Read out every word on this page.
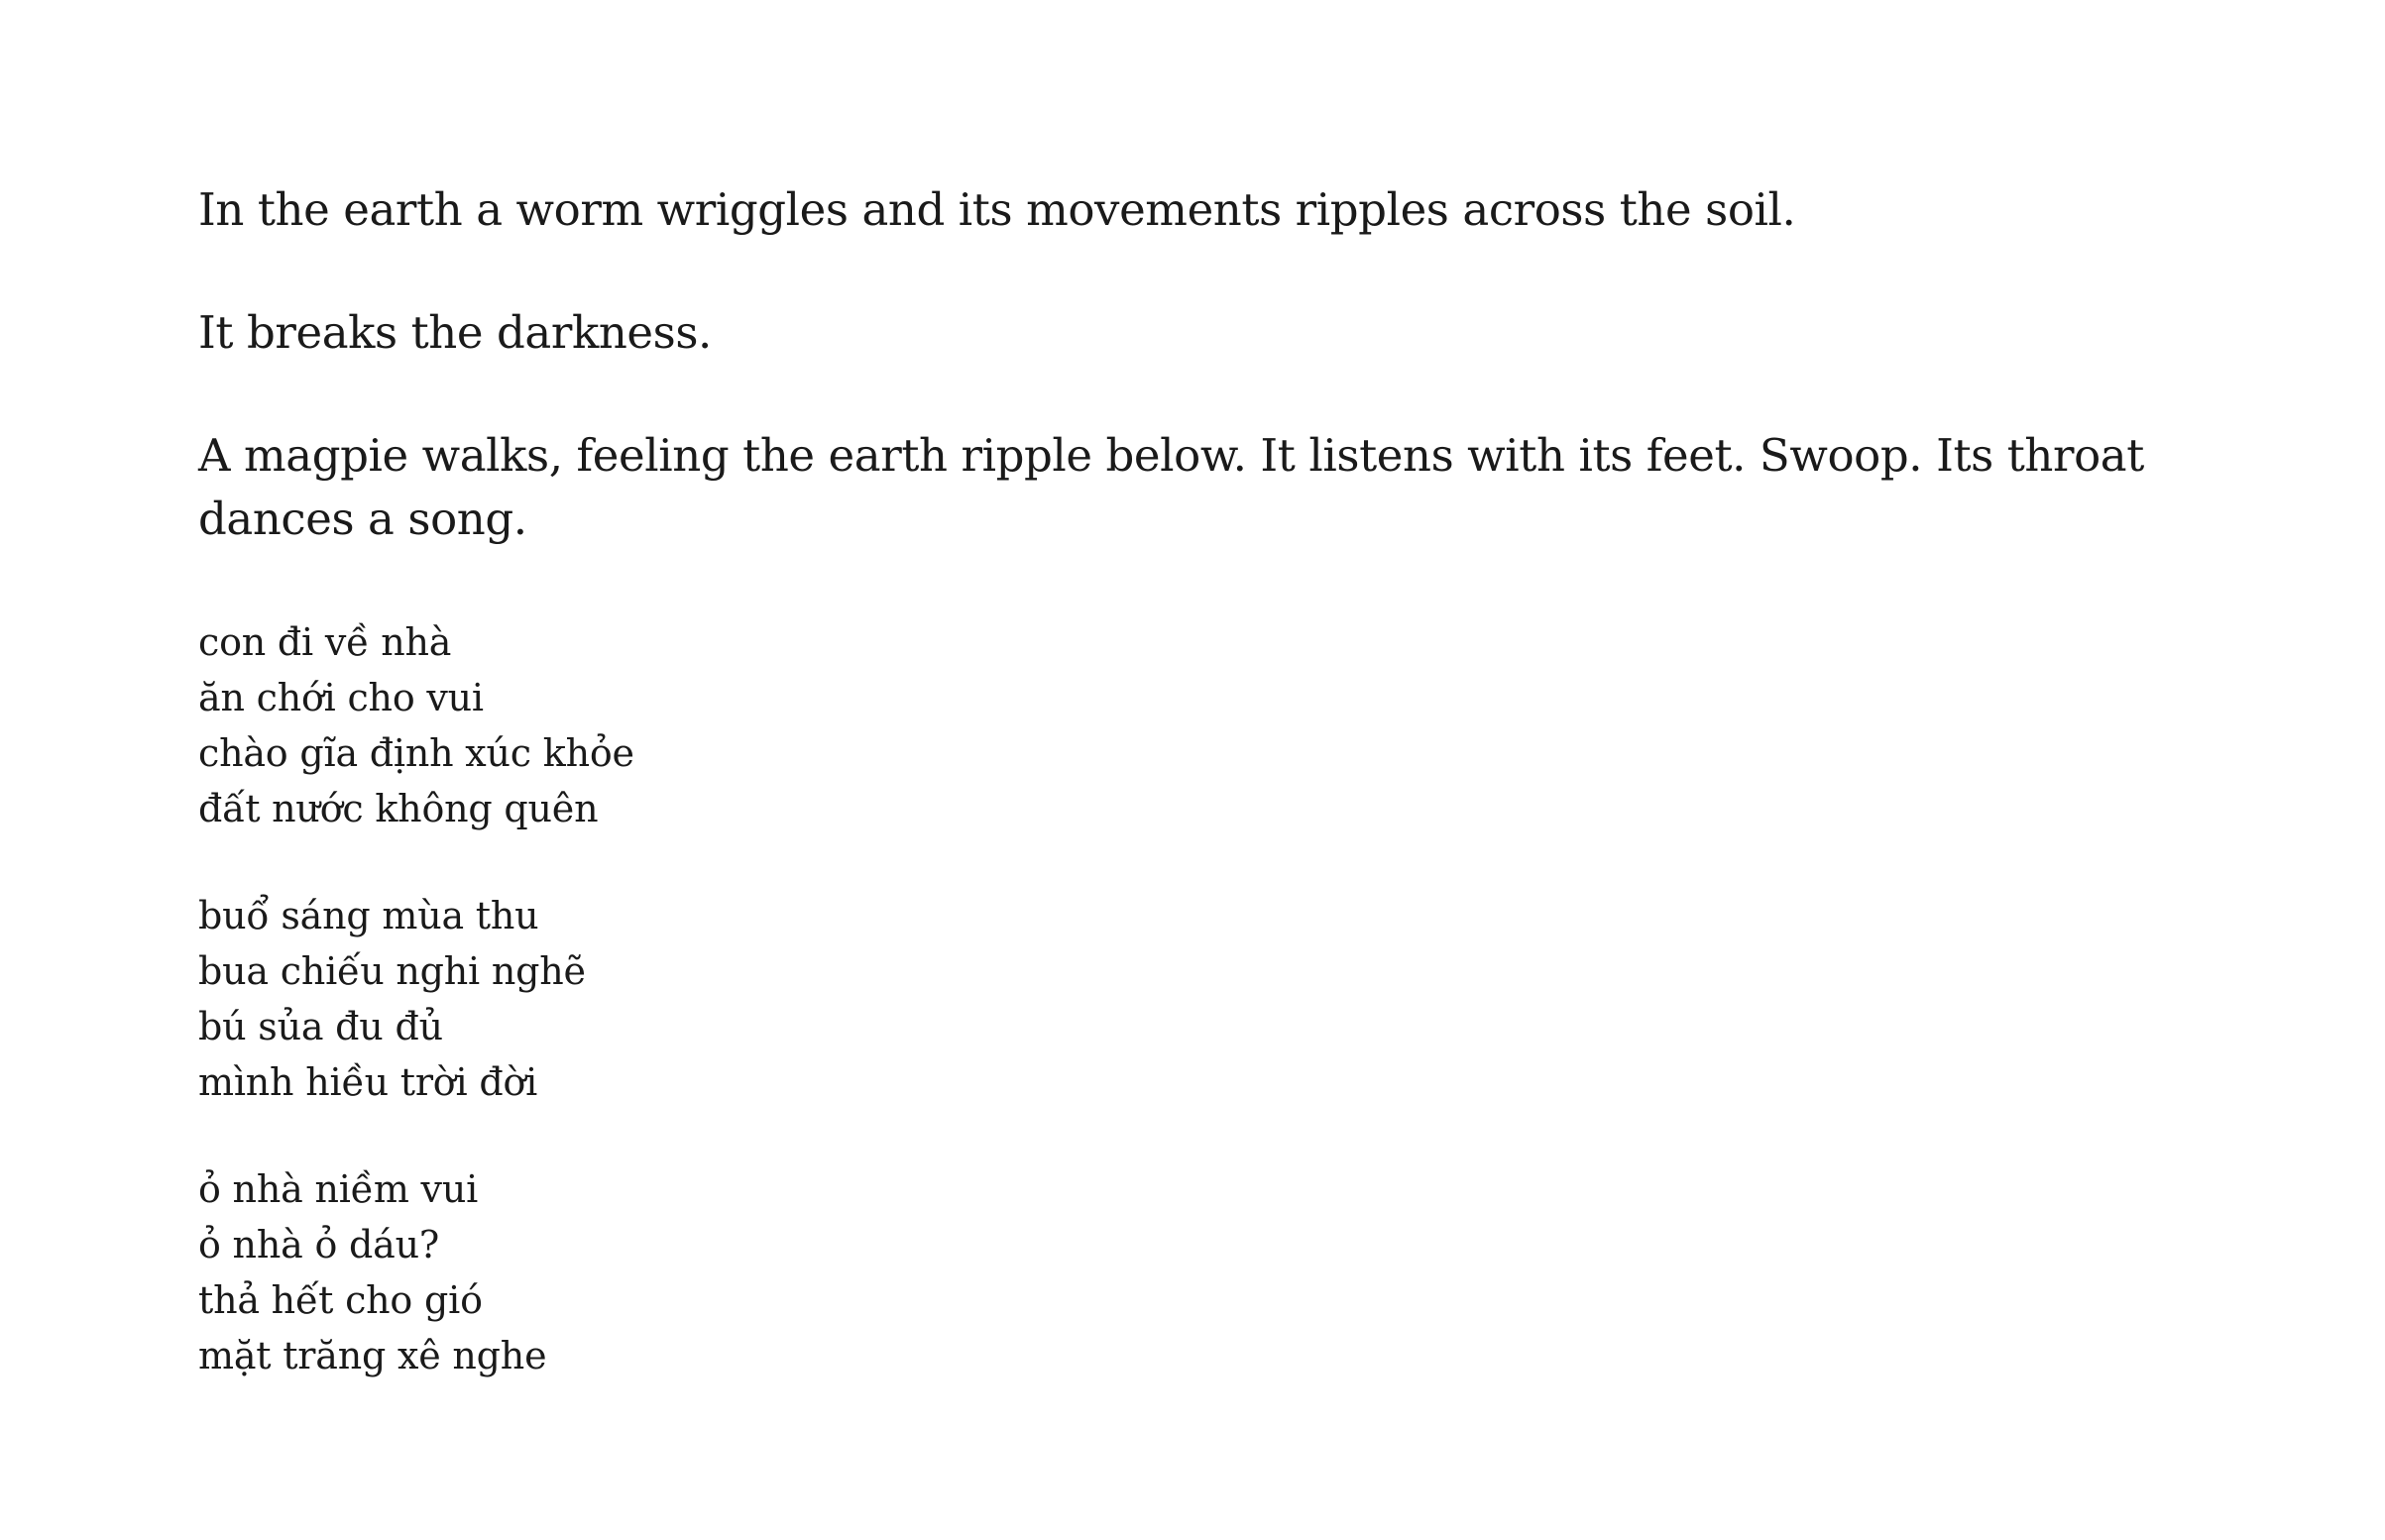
In the earth a worm wriggles and its movements ripples across the soil.

It breaks the darkness.

A magpie walks, feeling the earth ripple below. It listens with its feet. Swoop. Its throat dances a song.

con đi về nhà
ăn chới cho vui
chào gĩa định xúc khỏe
đất nước không quên
buổ sáng mùa thu
bua chiếu nghi nghẽ
bú sủa đu đủ
mình hiều trời đời
ỏ nhà niềm vui
ỏ nhà ỏ dáu?
thả hết cho gió
mặt trăng xê nghe
